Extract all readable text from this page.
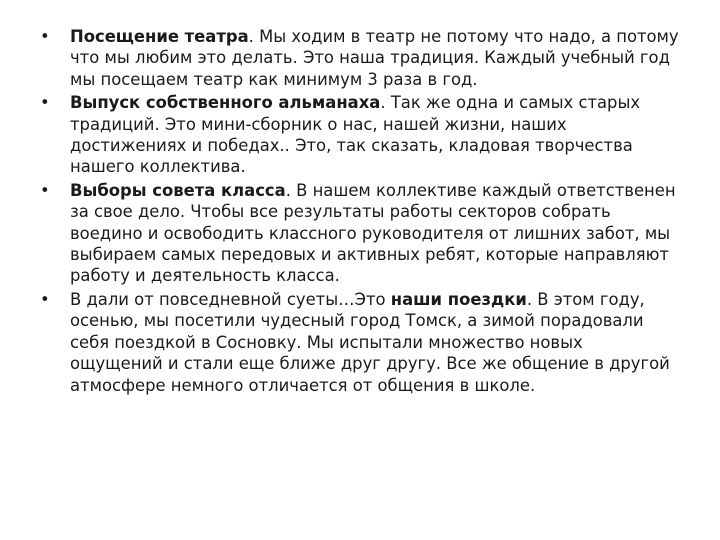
•	Посещение театра. Мы ходим в театр не потому что надо, а потому что мы любим это делать. Это наша традиция. Каждый учебный год мы посещаем театр как минимум 3 раза в год.
•	Выпуск собственного альманаха. Так же одна и самых старых традиций. Это мини-сборник о нас, нашей жизни, наших достижениях и победах.. Это, так сказать, кладовая творчества нашего коллектива.
•	Выборы совета класса. В нашем коллективе каждый ответственен за свое дело. Чтобы все результаты работы секторов собрать воедино и освободить классного руководителя от лишних забот, мы выбираем самых передовых и активных ребят, которые направляют работу и деятельность класса.
•	В дали от повседневной суеты…Это наши поездки. В этом году, осенью, мы посетили чудесный город Томск, а зимой порадовали себя поездкой в Сосновку. Мы испытали множество новых ощущений и стали еще ближе друг другу. Все же общение в другой атмосфере немного отличается от общения в школе.
